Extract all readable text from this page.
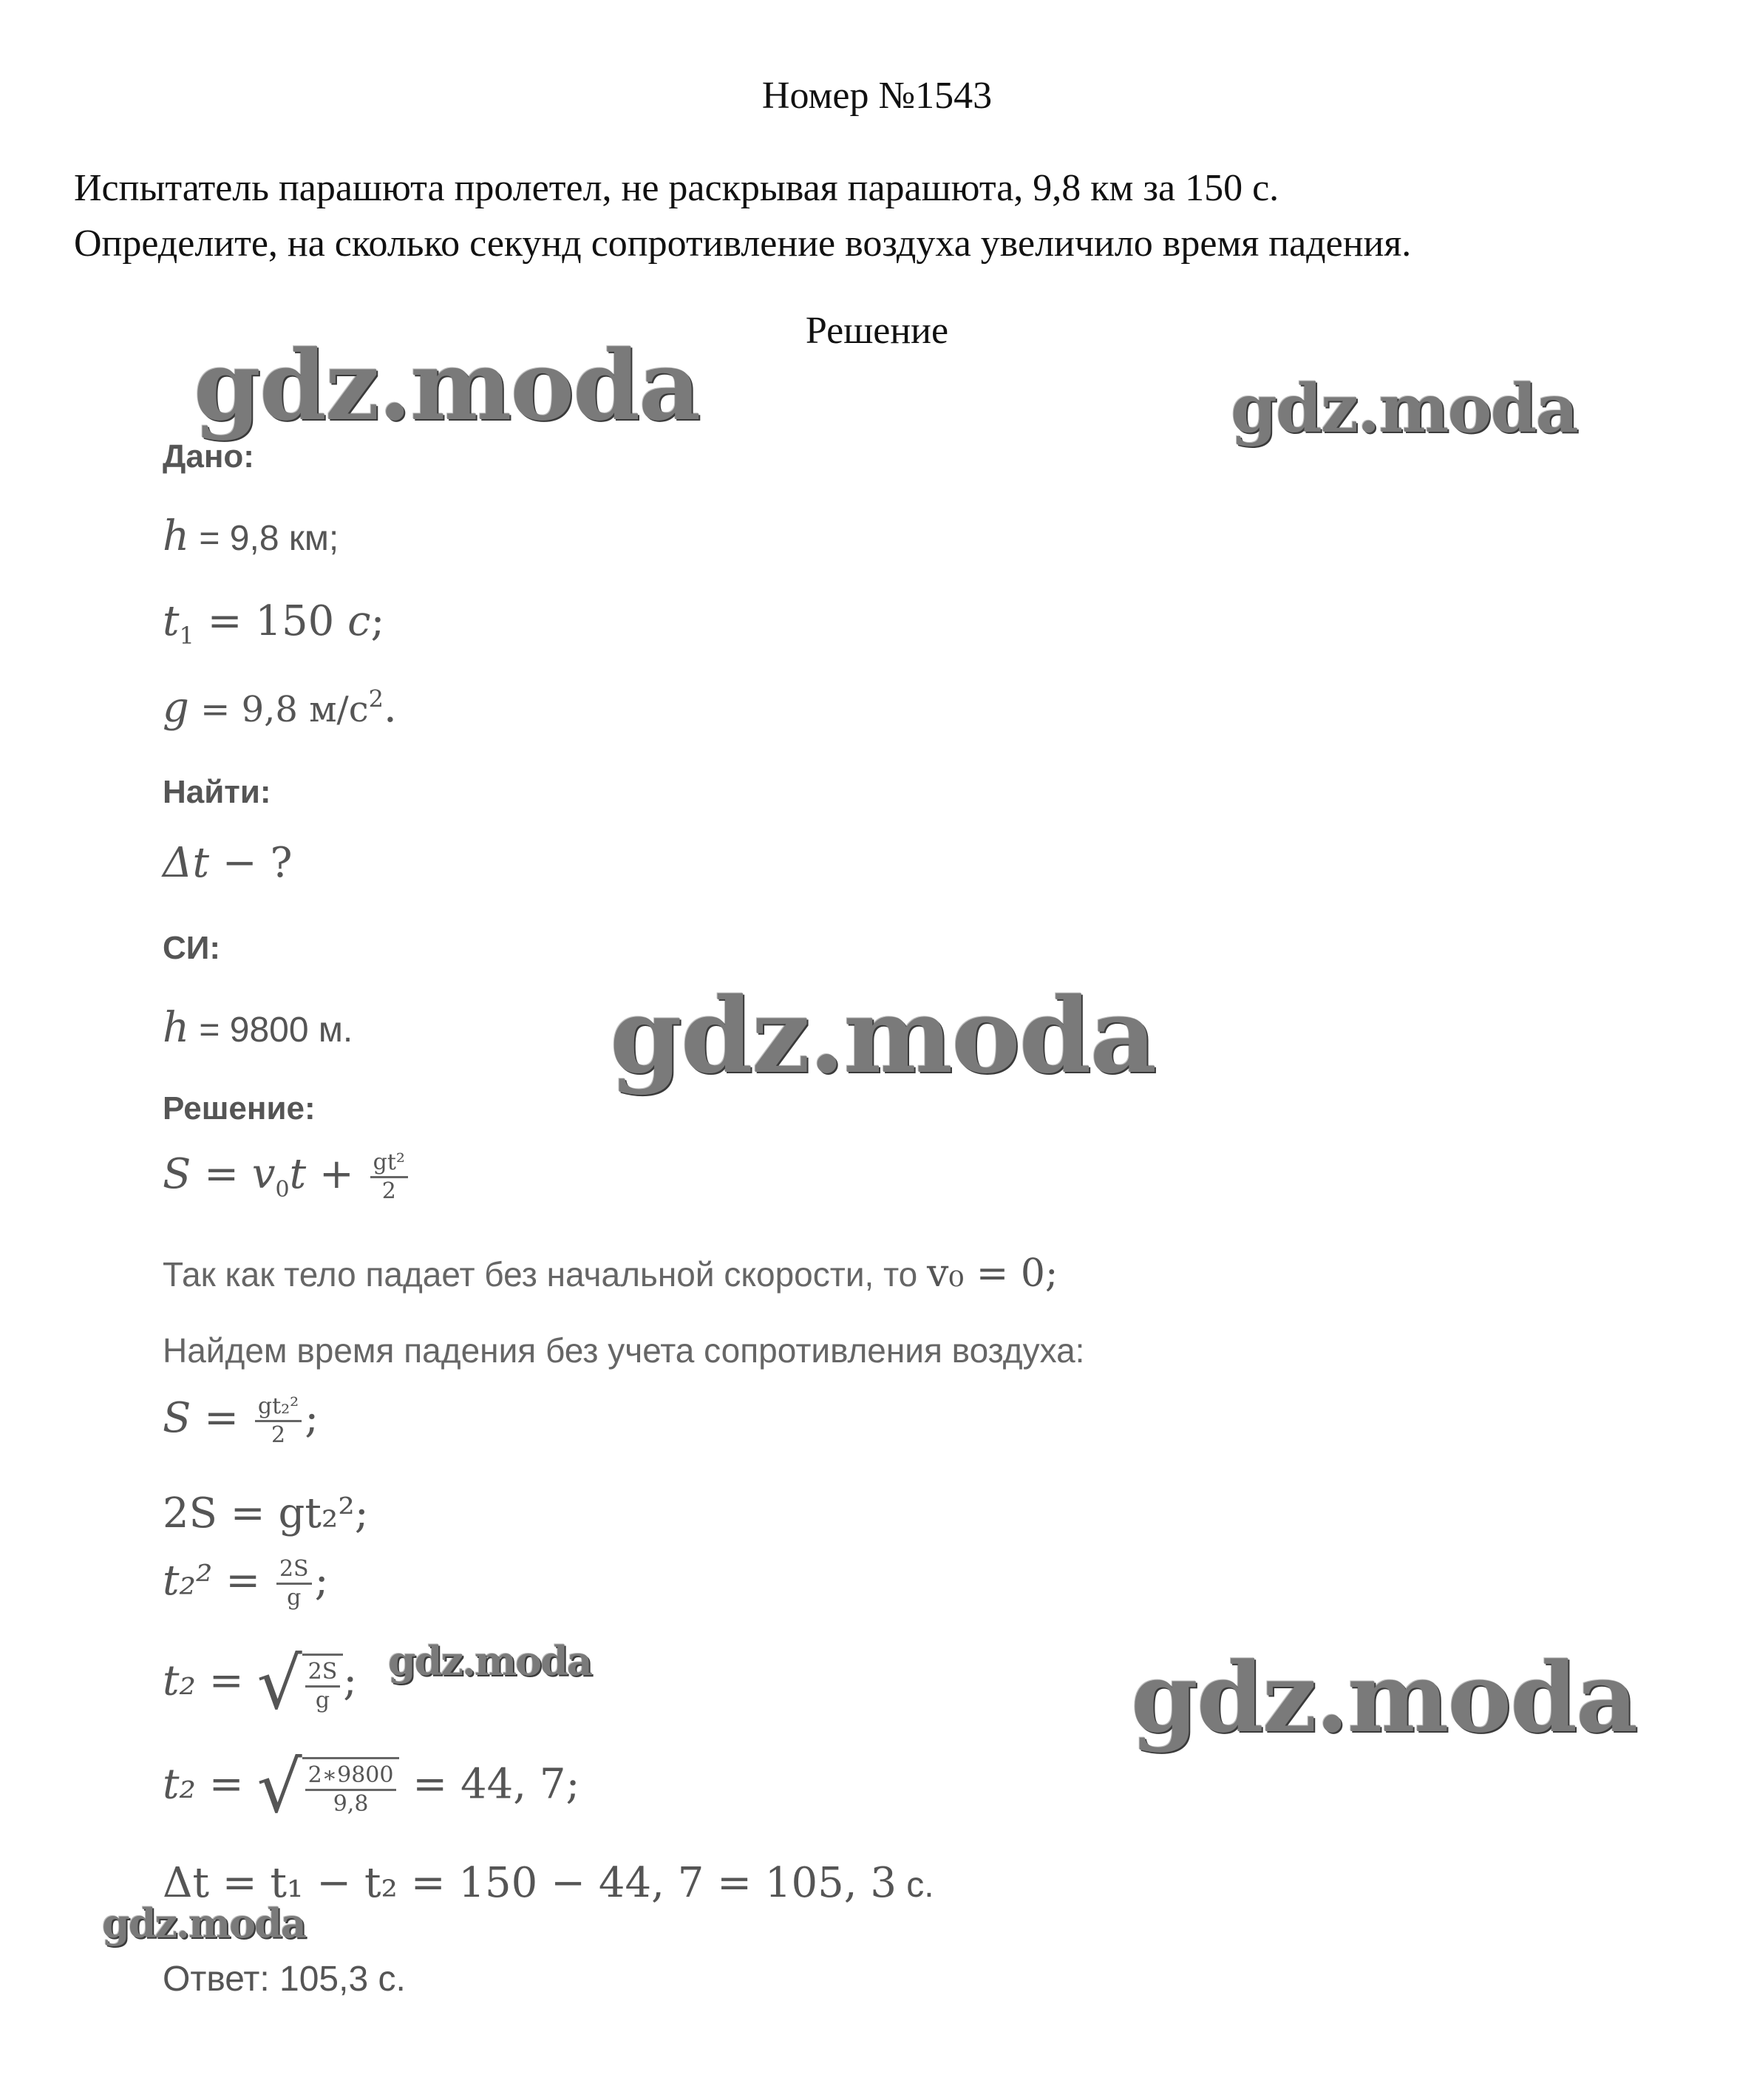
Номер №1543
Испытатель парашюта пролетел, не раскрывая парашюта, 9,8 км за 150 с.
Определите, на сколько секунд сопротивление воздуха увеличило время падения.
Решение
gdz.moda	gdz.moda
gdz.moda
gdz.moda	gdz.moda
gdz.moda
Дано:
h = 9,8 км;
$t_1 = 150$ с;
g = 9,8 $м/с^2$.
Найти:
Δt − ?
СИ:
h = 9800 м.
Решение:
$S = v_0t + \frac{\text{gt²}}{2}$
Так как тело падает без начальной скорости, то v₀ = 0;
Найдем время падения без учета сопротивления воздуха:
$S = \frac{\text{gt₂²}}{2}$ ;
2S = gt₂²;
$t_2^2 = \frac{2S}{g}$ ;
t₂ = √ $\frac{2S}{g}$ ;
t₂ = √ $\frac{2∗9800}{9,8} = 44$, 7;
Δt = t₁ − t₂ = 150 − 44, 7 = 105, 3 с.
Ответ: 105,3 с.
